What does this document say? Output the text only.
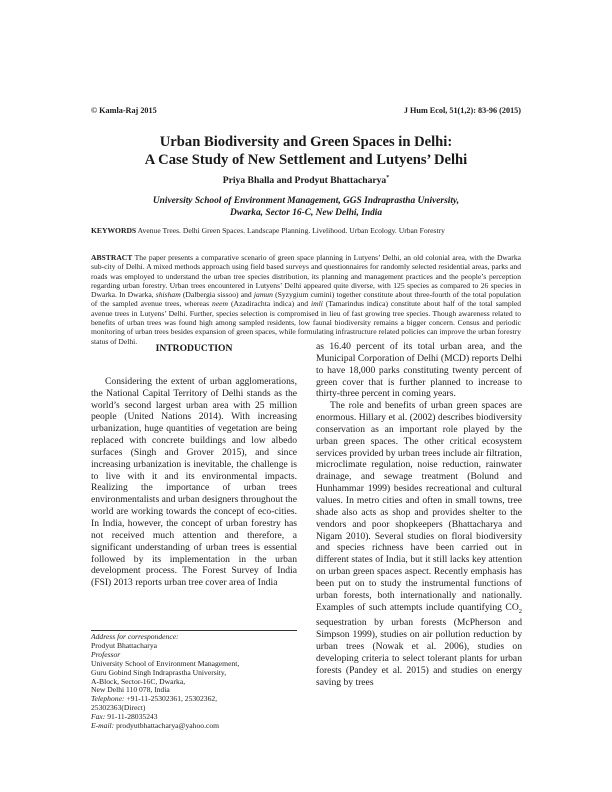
© Kamla-Raj 2015	J Hum Ecol, 51(1,2): 83-96 (2015)
Urban Biodiversity and Green Spaces in Delhi:
A Case Study of New Settlement and Lutyens’ Delhi
Priya Bhalla and Prodyut Bhattacharya*
University School of Environment Management, GGS Indraprastha University,
Dwarka, Sector 16-C, New Delhi, India
KEYWORDS Avenue Trees. Delhi Green Spaces. Landscape Planning. Livelihood. Urban Ecology. Urban Forestry
ABSTRACT The paper presents a comparative scenario of green space planning in Lutyens’ Delhi, an old colonial area, with the Dwarka sub-city of Delhi. A mixed methods approach using field based surveys and questionnaires for randomly selected residential areas, parks and roads was employed to understand the urban tree species distribution, its planning and management practices and the people’s perception regarding urban forestry. Urban trees encountered in Lutyens’ Delhi appeared quite diverse, with 125 species as compared to 26 species in Dwarka. In Dwarka, shisham (Dalbergia sissoo) and jamun (Syzygium cumini) together constitute about three-fourth of the total population of the sampled avenue trees, whereas neem (Azadirachta indica) and imli (Tamarindus indica) constitute about half of the total sampled avenue trees in Lutyens’ Delhi. Further, species selection is compromised in lieu of fast growing tree species. Though awareness related to benefits of urban trees was found high among sampled residents, low faunal biodiversity remains a bigger concern. Census and periodic monitoring of urban trees besides expansion of green spaces, while formulating infrastructure related policies can improve the urban forestry status of Delhi.
INTRODUCTION

Considering the extent of urban agglomerations, the National Capital Territory of Delhi stands as the world’s second largest urban area with 25 million people (United Nations 2014). With increasing urbanization, huge quantities of vegetation are being replaced with concrete buildings and low albedo surfaces (Singh and Grover 2015), and since increasing urbanization is inevitable, the challenge is to live with it and its environmental impacts. Realizing the importance of urban trees environmentalists and urban designers throughout the world are working towards the concept of eco-cities. In India, however, the concept of urban forestry has not received much attention and therefore, a significant understanding of urban trees is essential followed by its implementation in the urban development process. The Forest Survey of India (FSI) 2013 reports urban tree cover area of India

as 16.40 percent of its total urban area, and the Municipal Corporation of Delhi (MCD) reports Delhi to have 18,000 parks constituting twenty percent of green cover that is further planned to increase to thirty-three percent in coming years.

The role and benefits of urban green spaces are enormous. Hillary et al. (2002) describes biodiversity conservation as an important role played by the urban green spaces. The other critical ecosystem services provided by urban trees include air filtration, microclimate regulation, noise reduction, rainwater drainage, and sewage treatment (Bolund and Hunhammar 1999) besides recreational and cultural values. In metro cities and often in small towns, tree shade also acts as shop and provides shelter to the vendors and poor shopkeepers (Bhattacharya and Nigam 2010). Several studies on floral biodiversity and species richness have been carried out in different states of India, but it still lacks key attention on urban green spaces aspect. Recently emphasis has been put on to study the instrumental functions of urban forests, both internationally and nationally. Examples of such attempts include quantifying $CO_2$ sequestration by urban forests (McPherson and Simpson 1999), studies on air pollution reduction by urban trees (Nowak et al. 2006), studies on developing criteria to select tolerant plants for urban forests (Pandey et al. 2015) and studies on energy saving by trees

Address for correspondence:
Prodyut Bhattacharya
Professor
University School of Environment Management,
Guru Gobind Singh Indraprastha University,
A-Block, Sector-16C, Dwarka,
New Delhi 110 078, India
Telephone: +91-11-25302361, 25302362,
25302363(Direct)
Fax: 91-11-28035243
E-mail: prodyutbhattacharya@yahoo.com
